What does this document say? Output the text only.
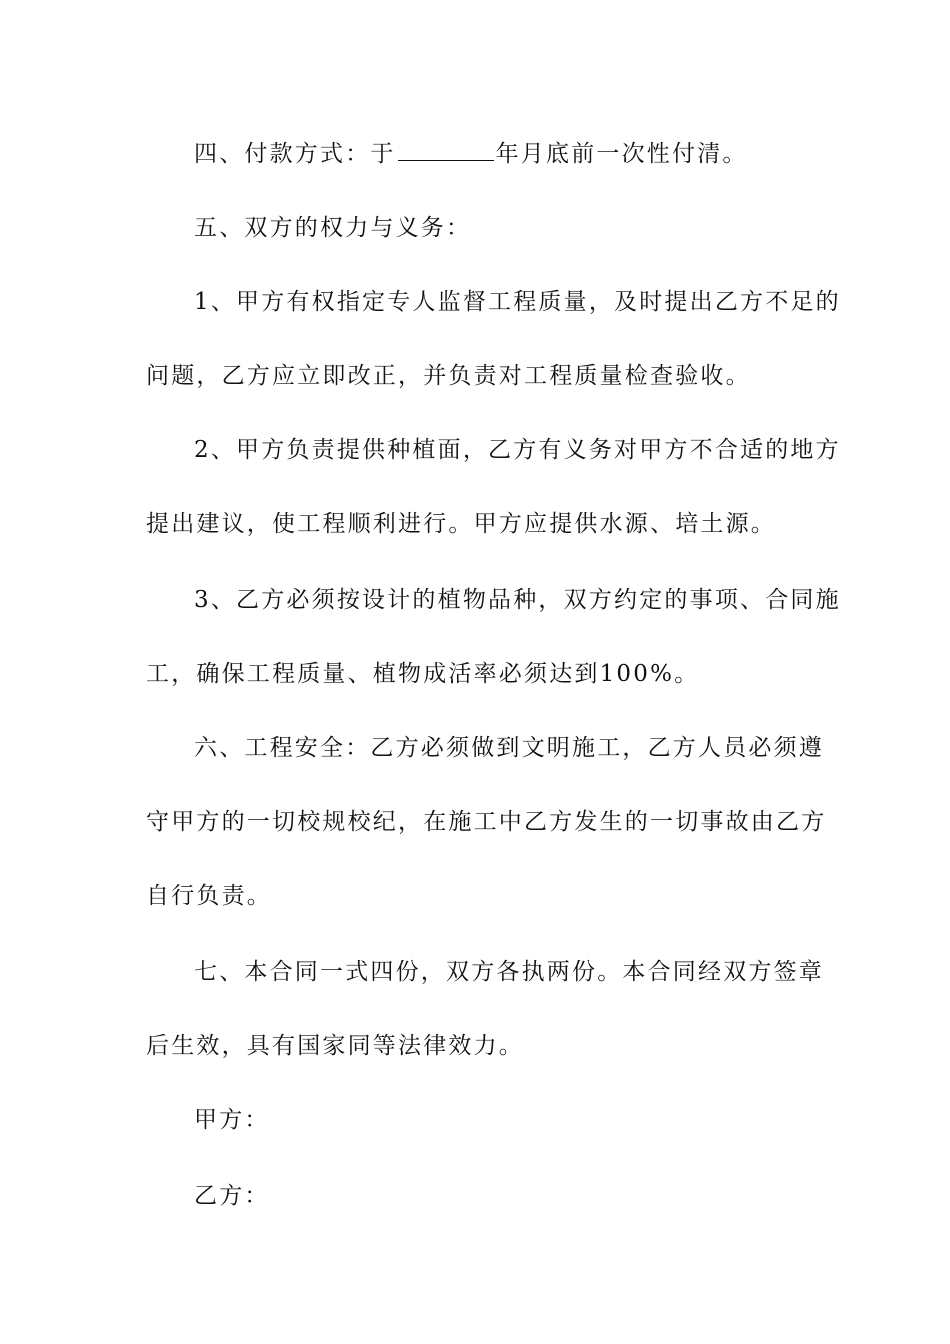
四、付款方式：于	年月底前一次性付清。
五、双方的权力与义务：
1、甲方有权指定专人监督工程质量，及时提出乙方不足的
问题，乙方应立即改正，并负责对工程质量检查验收。
2、甲方负责提供种植面，乙方有义务对甲方不合适的地方
提出建议，使工程顺利进行。甲方应提供水源、培土源。
3、乙方必须按设计的植物品种，双方约定的事项、合同施
工，确保工程质量、植物成活率必须达到100%。
六、工程安全：乙方必须做到文明施工，乙方人员必须遵
守甲方的一切校规校纪，在施工中乙方发生的一切事故由乙方
自行负责。
七、本合同一式四份，双方各执两份。本合同经双方签章
后生效，具有国家同等法律效力。
甲方：
乙方：
